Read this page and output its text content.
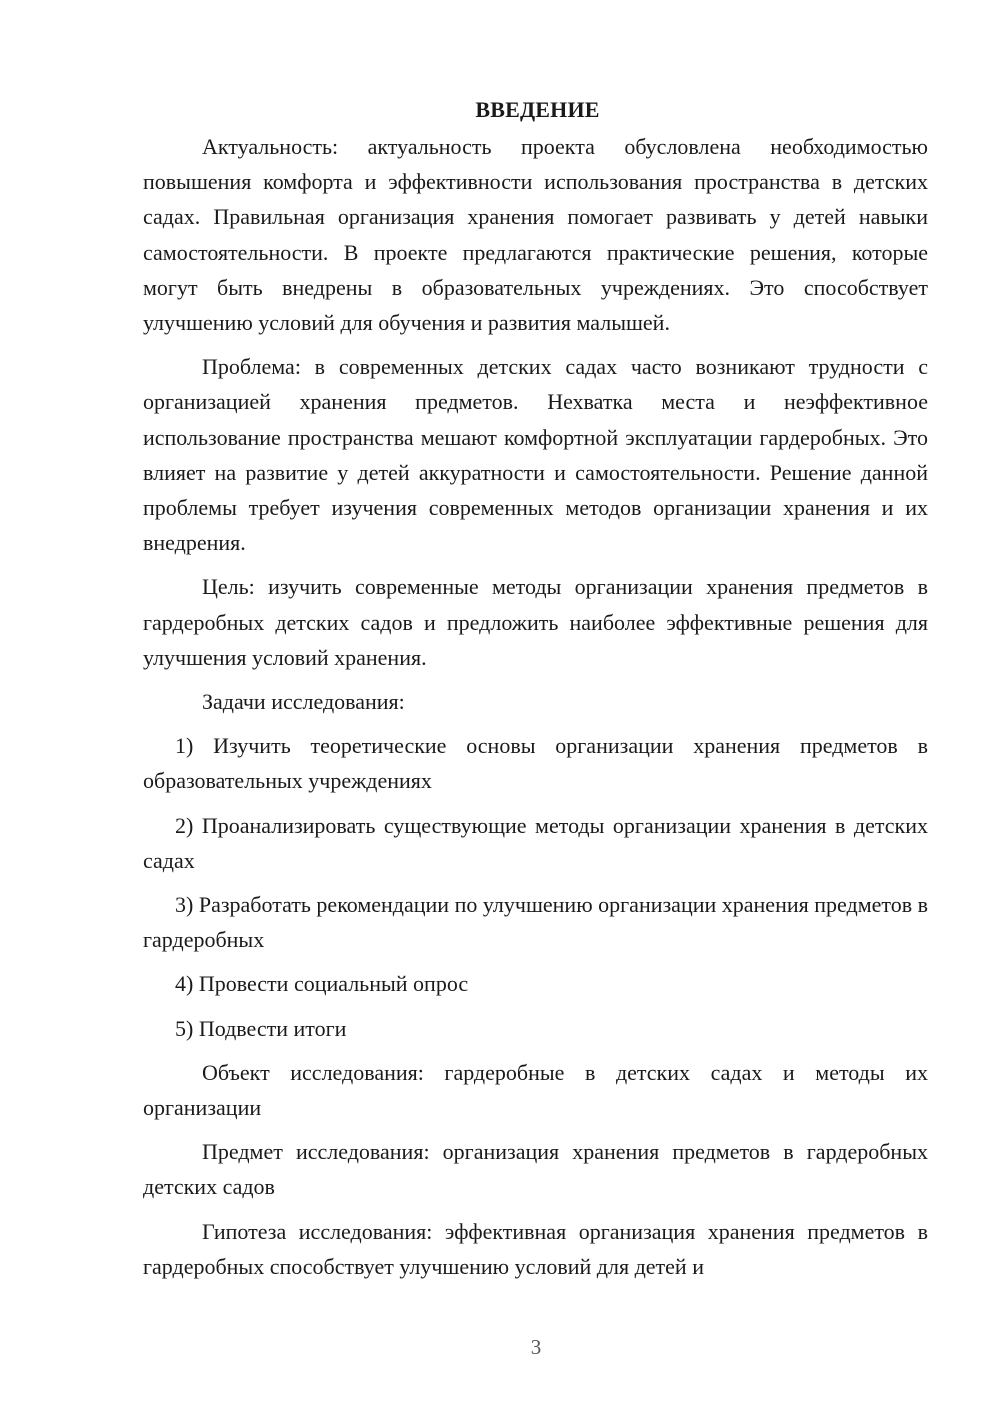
ВВЕДЕНИЕ

Актуальность: актуальность проекта обусловлена необходимостью повышения комфорта и эффективности использования пространства в детских садах. Правильная организация хранения помогает развивать у детей навыки самостоятельности. В проекте предлагаются практические решения, которые могут быть внедрены в образовательных учреждениях. Это способствует улучшению условий для обучения и развития малышей.

Проблема: в современных детских садах часто возникают трудности с организацией хранения предметов. Нехватка места и неэффективное использование пространства мешают комфортной эксплуатации гардеробных. Это влияет на развитие у детей аккуратности и самостоятельности. Решение данной проблемы требует изучения современных методов организации хранения и их внедрения.

Цель: изучить современные методы организации хранения предметов в гардеробных детских садов и предложить наиболее эффективные решения для улучшения условий хранения.

Задачи исследования:

1) Изучить теоретические основы организации хранения предметов в образовательных учреждениях

2) Проанализировать существующие методы организации хранения в детских садах

3) Разработать рекомендации по улучшению организации хранения предметов в гардеробных

4) Провести социальный опрос

5) Подвести итоги

Объект исследования: гардеробные в детских садах и методы их организации

Предмет исследования: организация хранения предметов в гардеробных детских садов

Гипотеза исследования: эффективная организация хранения предметов в гардеробных способствует улучшению условий для детей и

3
